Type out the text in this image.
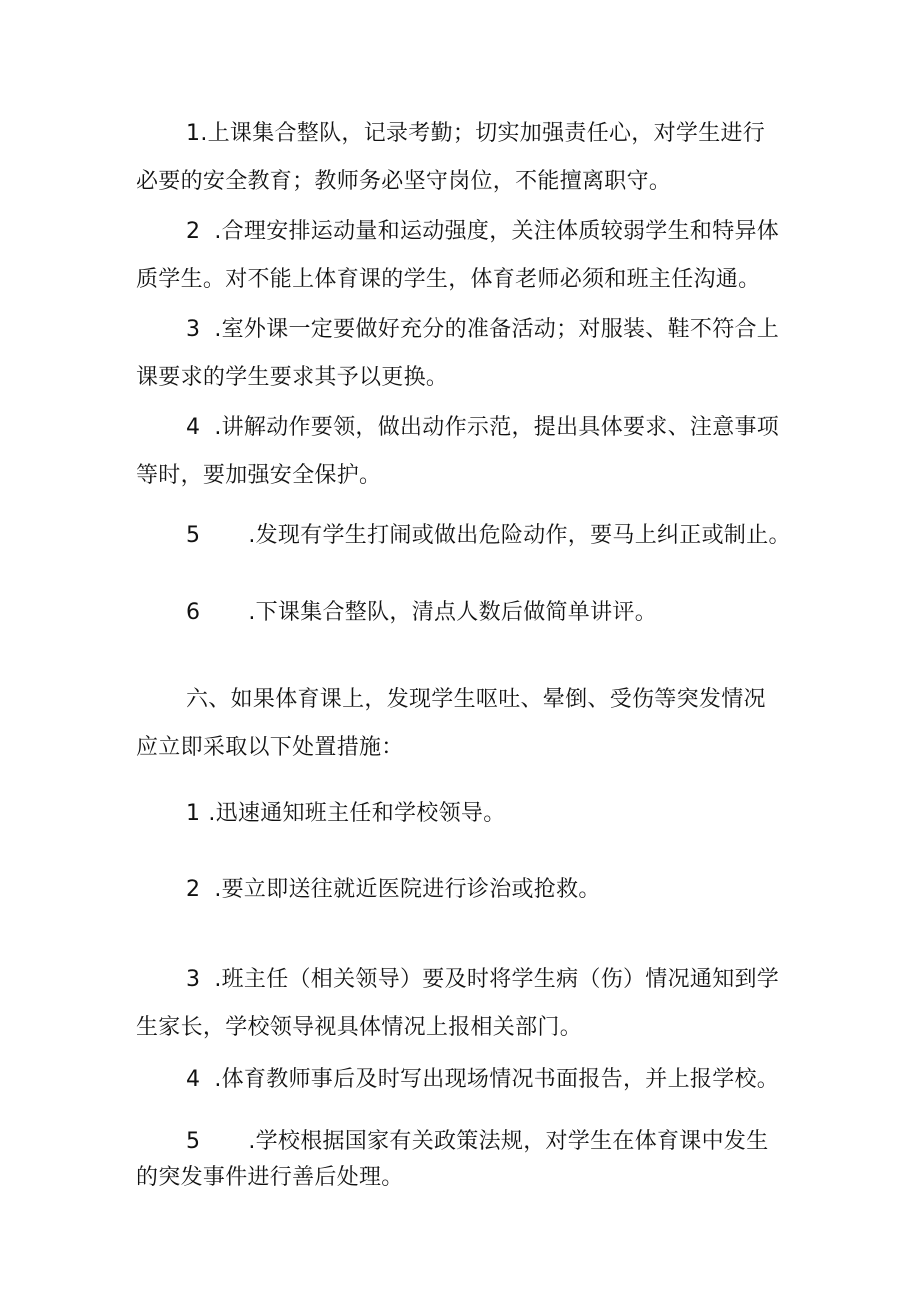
1.上课集合整队，记录考勤；切实加强责任心，对学生进行
必要的安全教育；教师务必坚守岗位，不能擅离职守。
2 .合理安排运动量和运动强度，关注体质较弱学生和特异体
质学生。对不能上体育课的学生，体育老师必须和班主任沟通。
3 .室外课一定要做好充分的准备活动；对服装、鞋不符合上
课要求的学生要求其予以更换。
4 .讲解动作要领，做出动作示范，提出具体要求、注意事项
等时，要加强安全保护。
5 .发现有学生打闹或做出危险动作，要马上纠正或制止。
6 .下课集合整队，清点人数后做简单讲评。
六、如果体育课上，发现学生呕吐、晕倒、受伤等突发情况
应立即采取以下处置措施：
1 .迅速通知班主任和学校领导。
2 .要立即送往就近医院进行诊治或抢救。
3 .班主任（相关领导）要及时将学生病（伤）情况通知到学
生家长，学校领导视具体情况上报相关部门。
4 .体育教师事后及时写出现场情况书面报告，并上报学校。
5 .学校根据国家有关政策法规，对学生在体育课中发生
的突发事件进行善后处理。
